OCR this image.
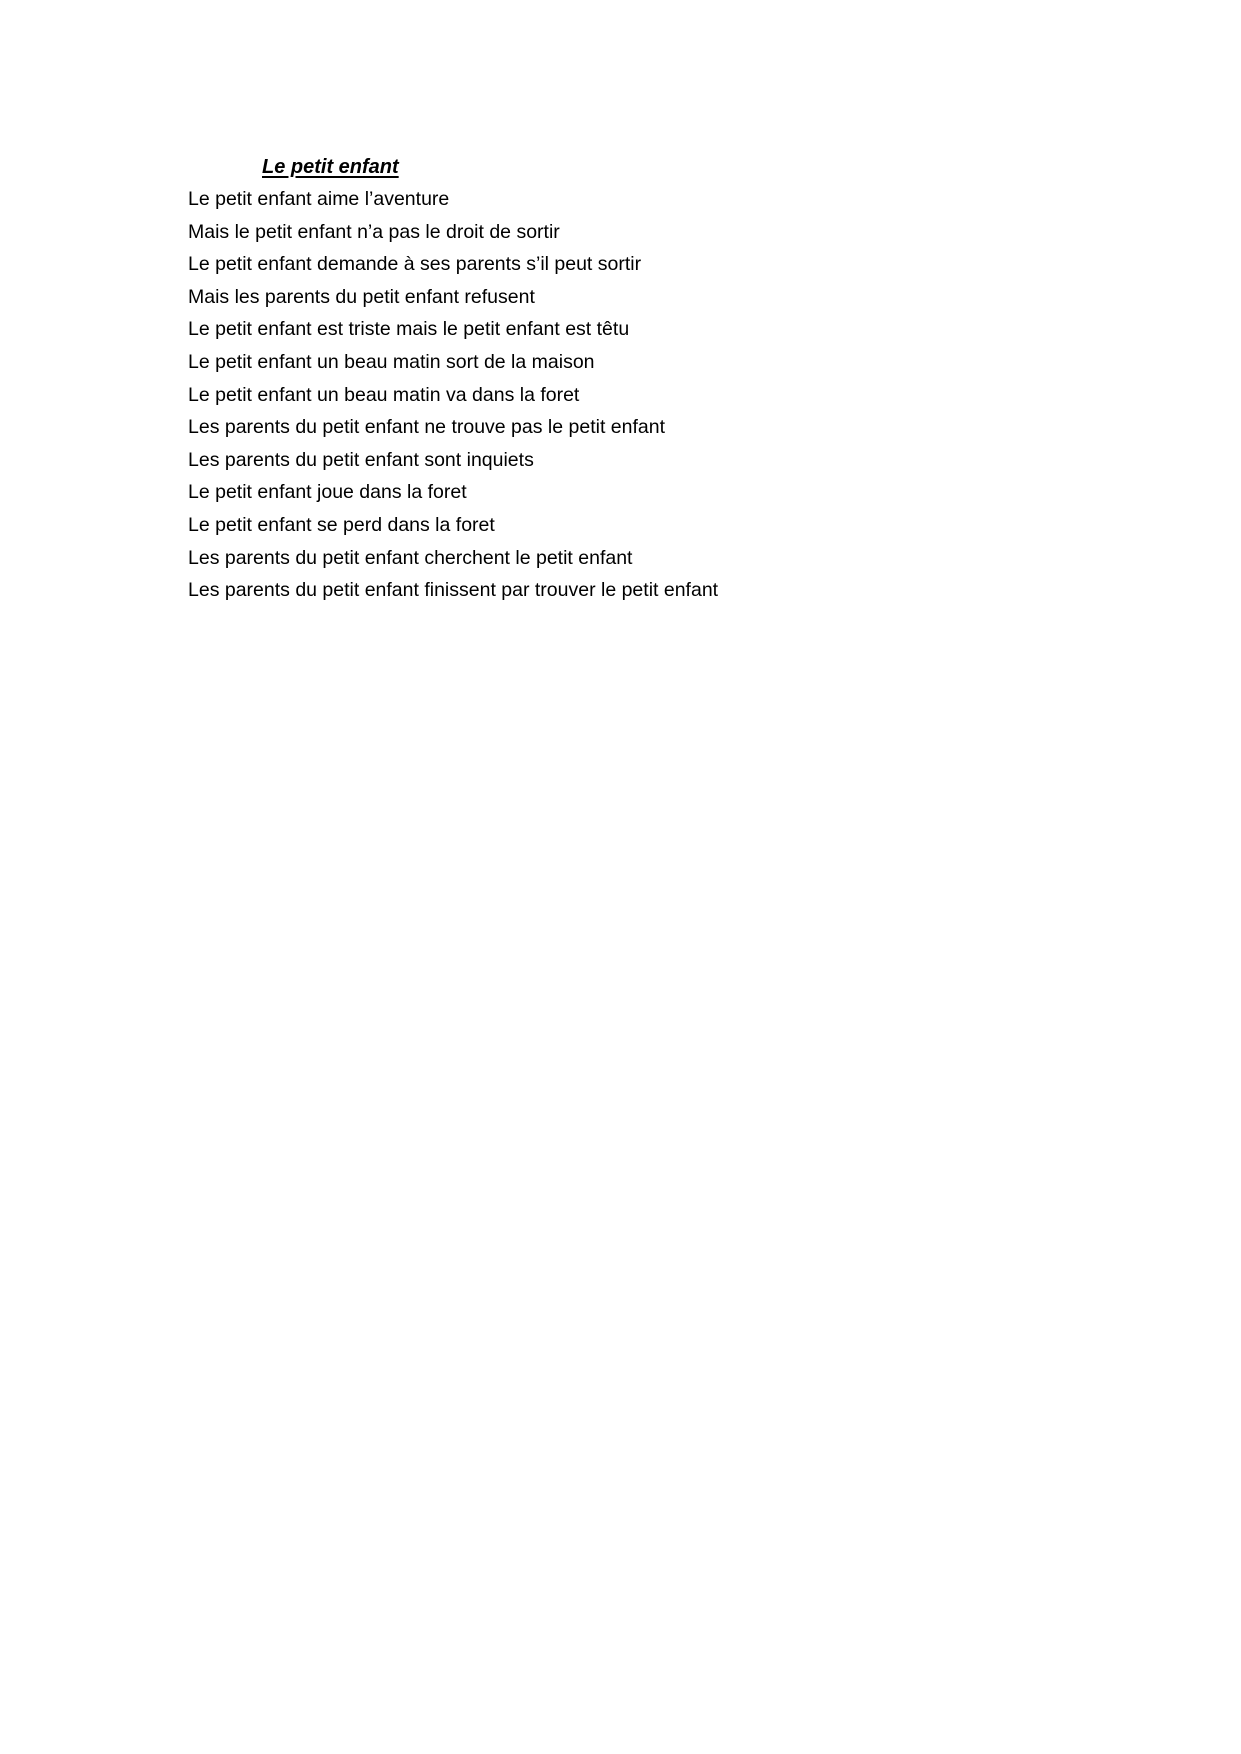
Le petit enfant
Le petit enfant aime l’aventure
Mais le petit enfant n’a pas le droit de sortir
Le petit enfant demande à ses parents s’il peut sortir
Mais les parents du petit enfant refusent
Le petit enfant est triste mais le petit enfant est têtu
Le petit enfant un beau matin sort de la maison
Le petit enfant un beau matin va dans la foret
Les parents du petit enfant ne trouve pas le petit enfant
Les parents du petit enfant sont inquiets
Le petit enfant joue dans la foret
Le petit enfant se perd dans la foret
Les parents du petit enfant cherchent le petit enfant
Les parents du petit enfant finissent par trouver le petit enfant
